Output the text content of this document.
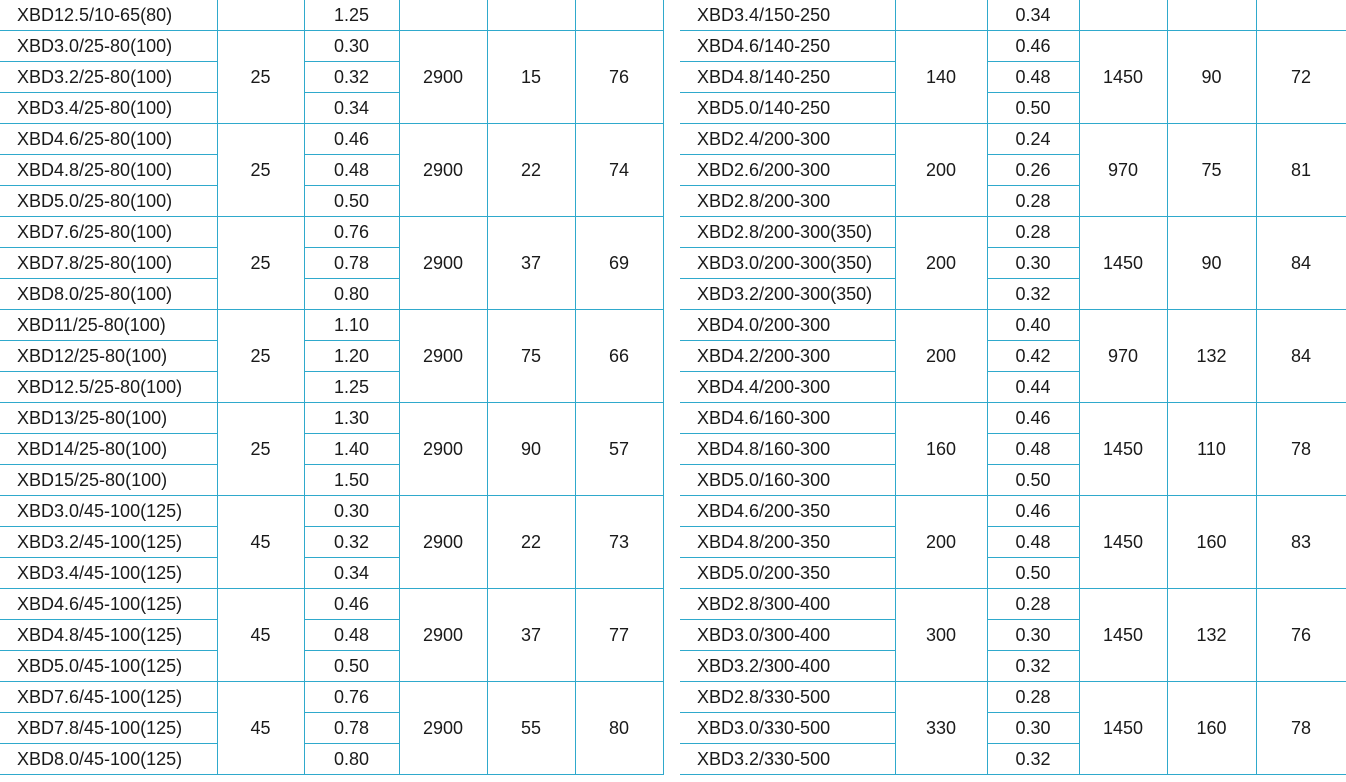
XBD12.5/10-65(80)		1.25			
XBD3.0/25-80(100)	25	0.30	2900	15	76
XBD3.2/25-80(100)		0.32			
XBD3.4/25-80(100)		0.34			
XBD4.6/25-80(100)	25	0.46	2900	22	74
XBD4.8/25-80(100)		0.48			
XBD5.0/25-80(100)		0.50			
XBD7.6/25-80(100)	25	0.76	2900	37	69
XBD7.8/25-80(100)		0.78			
XBD8.0/25-80(100)		0.80			
XBD11/25-80(100)	25	1.10	2900	75	66
XBD12/25-80(100)		1.20			
XBD12.5/25-80(100)		1.25			
XBD13/25-80(100)	25	1.30	2900	90	57
XBD14/25-80(100)		1.40			
XBD15/25-80(100)		1.50			
XBD3.0/45-100(125)	45	0.30	2900	22	73
XBD3.2/45-100(125)		0.32			
XBD3.4/45-100(125)		0.34			
XBD4.6/45-100(125)	45	0.46	2900	37	77
XBD4.8/45-100(125)		0.48			
XBD5.0/45-100(125)		0.50			
XBD7.6/45-100(125)	45	0.76	2900	55	80
XBD7.8/45-100(125)		0.78			
XBD8.0/45-100(125)		0.80			
XBD3.4/150-250		0.34			
XBD4.6/140-250	140	0.46	1450	90	72
XBD4.8/140-250		0.48			
XBD5.0/140-250		0.50			
XBD2.4/200-300	200	0.24	970	75	81
XBD2.6/200-300		0.26			
XBD2.8/200-300		0.28			
XBD2.8/200-300(350)	200	0.28	1450	90	84
XBD3.0/200-300(350)		0.30			
XBD3.2/200-300(350)		0.32			
XBD4.0/200-300	200	0.40	970	132	84
XBD4.2/200-300		0.42			
XBD4.4/200-300		0.44			
XBD4.6/160-300	160	0.46	1450	110	78
XBD4.8/160-300		0.48			
XBD5.0/160-300		0.50			
XBD4.6/200-350	200	0.46	1450	160	83
XBD4.8/200-350		0.48			
XBD5.0/200-350		0.50			
XBD2.8/300-400	300	0.28	1450	132	76
XBD3.0/300-400		0.30			
XBD3.2/300-400		0.32			
XBD2.8/330-500	330	0.28	1450	160	78
XBD3.0/330-500		0.30			
XBD3.2/330-500		0.32			
